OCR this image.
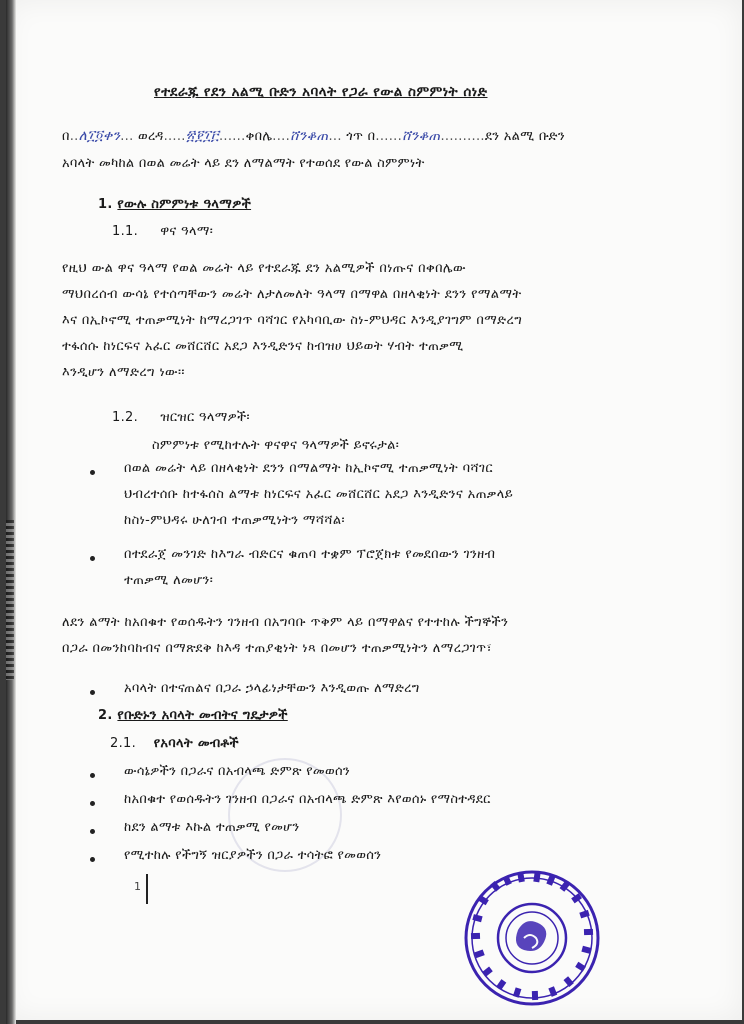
የተደራጁ የደን አልሚ ቡድን አባላት የጋራ የውል ስምምነት ሰነድ
በ..ለ፲፬ቀን... ወረዳ.....፳፻፲፫......ቀበሌ....ሸንቆጠ... ጎጥ በ......ሸንቆጠ..........ደን አልሚ ቡድን
አባላት መካከል በወል መሬት ላይ ደን ለማልማት የተወሰደ የውል ስምምነት
1. የውሉ ስምምነቱ ዓላማዎች
1.1. ዋና ዓላማ፡
የዚህ ውል ዋና ዓላማ የወል መሬት ላይ የተደራጁ ደን አልሚዎች በነጡና በቀበሌው
ማህበረሰብ ውሳኔ የተሰጣቸውን መሬት ለታለመለት ዓላማ በማዋል በዘላቂነት ደንን የማልማት
እና በኢኮኖሚ ተጠቃሚነት ከማረጋገጥ ባሻገር የአካባቢው ስነ-ምህዳር እንዲያገግም በማድረግ
ተፋሰሱ ከነርፍና አፈር መሸርሸር አደጋ እንዲድንና ከብዝሀ ህይወት ሃብት ተጠቃሚ
እንዲሆን ለማድረግ ነው፡፡
1.2. ዝርዝር ዓላማዎች፡
ስምምነቱ የሚከተሉት ዋናዋና ዓላማዎች ይኖሩታል፡
በወል መሬት ላይ በዘላቂነት ደንን በማልማት ከኢኮኖሚ ተጠቃሚነት ባሻገር
ህብረተሰቡ ከተፋሰስ ልማቱ ከነርፍና አፈር መሸርሸር አደጋ እንዲድንና አጠቃላይ
ከስነ-ምህዳሩ ሁለገብ ተጠቃሚነትን ማሻሻል፡
በተደራጀ መንገድ ከእግራ ብድርና ቁጠባ ተቋም ፕሮጀክቱ የመደበውን ገንዘብ
ተጠቃሚ ለመሆን፡
ለደን ልማት ከአበቁተ የወሰዱትን ገንዘብ በአግባቡ ጥቅም ላይ በማዋልና የተተከሉ ችግኞችን
በጋራ በመንከባከብና በማጽደቅ ከእዳ ተጠያቂነት ነጻ በመሆን ተጠቃሚነትን ለማረጋገጥ፣
አባላት በተናጠልና በጋራ ኃላፊነታቸውን እንዲወጡ ለማድረግ
2. የቡድኑን አባላት መብትና ግዴታዎች
2.1. የአባላት መብቶች
ውሳኔዎችን በጋራና በአብላጫ ድምጽ የመወሰን
ከአበቁተ የወሰዱትን ገንዘብ በጋራና በአብላጫ ድምጽ እየወሰኑ የማስተዳደር
ከደን ልማቱ እኩል ተጠቃሚ የመሆን
የሚተከሉ የችግኝ ዝርያዎችን በጋራ ተሳትፎ የመወሰን
1
